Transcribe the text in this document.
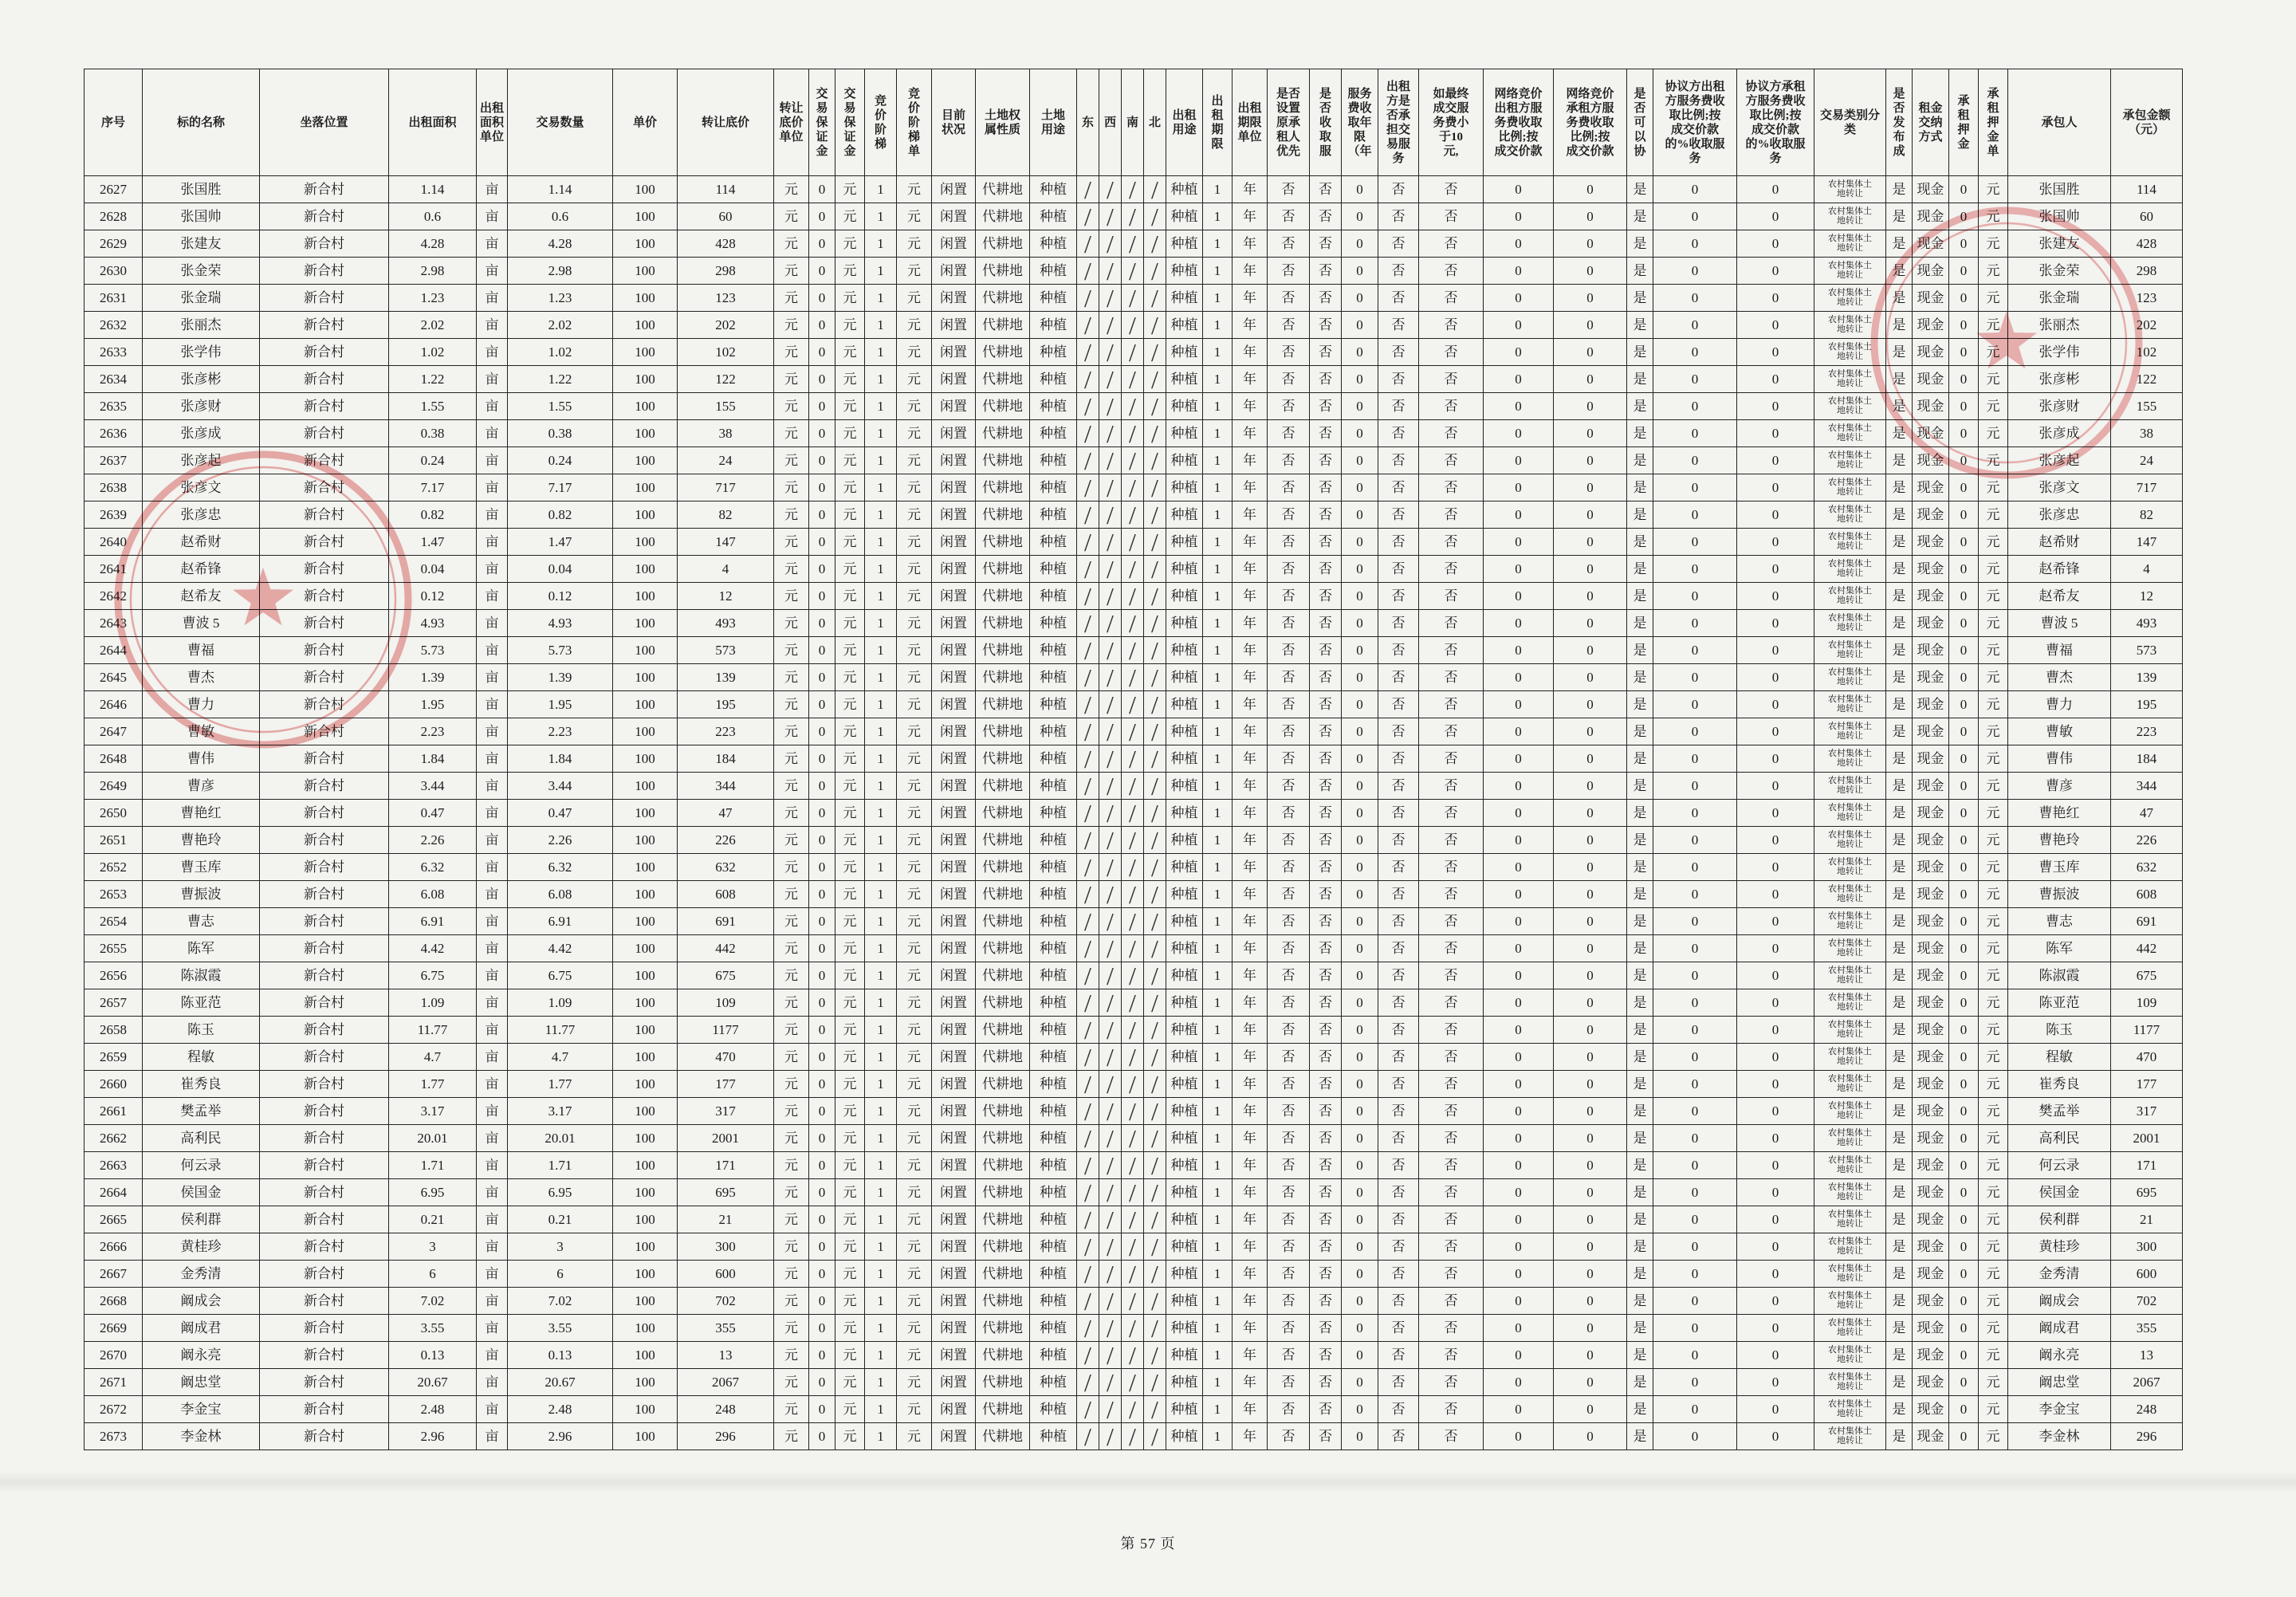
序号	标的名称	坐落位置	出租面积	出租面积单位	交易数量	单价	转让底价	转让底价单位	交易保证金	交易保证金	竞价阶梯	竞价阶梯单	目前状况	土地权属性质	土地用途	东	西	南	北	出租用途	出租期限	出租期限单位	是否设置原承租人优先	是否收取服	服务费收取年限（年	出租方是否承担交易服务	如最终成交服务费小于10元,	网络竞价出租方服务费收取比例;按成交价款	网络竞价承租方服务费收取比例;按成交价款	是否可以协	协议方出租方服务费收取比例;按成交价款的%收取服务	协议方承租方服务费收取比例;按成交价款的%收取服务	交易类别分类	是否发布成	租金交纳方式	承租押金	承租押金单	承包人	承包金额（元）
2627	张国胜	新合村	1.14	亩	1.14	100	114	元	0	元	1	元	闲置	代耕地	种植	/	/	/	/	种植	1	年	否	否	0	否	否	0	0	是	0	0	农村集体土地转让	是	现金	0	元	张国胜	114
2628	张国帅	新合村	0.6	亩	0.6	100	60	元	0	元	1	元	闲置	代耕地	种植	/	/	/	/	种植	1	年	否	否	0	否	否	0	0	是	0	0	农村集体土地转让	是	现金	0	元	张国帅	60
2629	张建友	新合村	4.28	亩	4.28	100	428	元	0	元	1	元	闲置	代耕地	种植	/	/	/	/	种植	1	年	否	否	0	否	否	0	0	是	0	0	农村集体土地转让	是	现金	0	元	张建友	428
2630	张金荣	新合村	2.98	亩	2.98	100	298	元	0	元	1	元	闲置	代耕地	种植	/	/	/	/	种植	1	年	否	否	0	否	否	0	0	是	0	0	农村集体土地转让	是	现金	0	元	张金荣	298
2631	张金瑞	新合村	1.23	亩	1.23	100	123	元	0	元	1	元	闲置	代耕地	种植	/	/	/	/	种植	1	年	否	否	0	否	否	0	0	是	0	0	农村集体土地转让	是	现金	0	元	张金瑞	123
2632	张丽杰	新合村	2.02	亩	2.02	100	202	元	0	元	1	元	闲置	代耕地	种植	/	/	/	/	种植	1	年	否	否	0	否	否	0	0	是	0	0	农村集体土地转让	是	现金	0	元	张丽杰	202
2633	张学伟	新合村	1.02	亩	1.02	100	102	元	0	元	1	元	闲置	代耕地	种植	/	/	/	/	种植	1	年	否	否	0	否	否	0	0	是	0	0	农村集体土地转让	是	现金	0	元	张学伟	102
2634	张彦彬	新合村	1.22	亩	1.22	100	122	元	0	元	1	元	闲置	代耕地	种植	/	/	/	/	种植	1	年	否	否	0	否	否	0	0	是	0	0	农村集体土地转让	是	现金	0	元	张彦彬	122
2635	张彦财	新合村	1.55	亩	1.55	100	155	元	0	元	1	元	闲置	代耕地	种植	/	/	/	/	种植	1	年	否	否	0	否	否	0	0	是	0	0	农村集体土地转让	是	现金	0	元	张彦财	155
2636	张彦成	新合村	0.38	亩	0.38	100	38	元	0	元	1	元	闲置	代耕地	种植	/	/	/	/	种植	1	年	否	否	0	否	否	0	0	是	0	0	农村集体土地转让	是	现金	0	元	张彦成	38
2637	张彦起	新合村	0.24	亩	0.24	100	24	元	0	元	1	元	闲置	代耕地	种植	/	/	/	/	种植	1	年	否	否	0	否	否	0	0	是	0	0	农村集体土地转让	是	现金	0	元	张彦起	24
2638	张彦文	新合村	7.17	亩	7.17	100	717	元	0	元	1	元	闲置	代耕地	种植	/	/	/	/	种植	1	年	否	否	0	否	否	0	0	是	0	0	农村集体土地转让	是	现金	0	元	张彦文	717
2639	张彦忠	新合村	0.82	亩	0.82	100	82	元	0	元	1	元	闲置	代耕地	种植	/	/	/	/	种植	1	年	否	否	0	否	否	0	0	是	0	0	农村集体土地转让	是	现金	0	元	张彦忠	82
2640	赵希财	新合村	1.47	亩	1.47	100	147	元	0	元	1	元	闲置	代耕地	种植	/	/	/	/	种植	1	年	否	否	0	否	否	0	0	是	0	0	农村集体土地转让	是	现金	0	元	赵希财	147
2641	赵希锋	新合村	0.04	亩	0.04	100	4	元	0	元	1	元	闲置	代耕地	种植	/	/	/	/	种植	1	年	否	否	0	否	否	0	0	是	0	0	农村集体土地转让	是	现金	0	元	赵希锋	4
2642	赵希友	新合村	0.12	亩	0.12	100	12	元	0	元	1	元	闲置	代耕地	种植	/	/	/	/	种植	1	年	否	否	0	否	否	0	0	是	0	0	农村集体土地转让	是	现金	0	元	赵希友	12
2643	曹波 5	新合村	4.93	亩	4.93	100	493	元	0	元	1	元	闲置	代耕地	种植	/	/	/	/	种植	1	年	否	否	0	否	否	0	0	是	0	0	农村集体土地转让	是	现金	0	元	曹波 5	493
2644	曹福	新合村	5.73	亩	5.73	100	573	元	0	元	1	元	闲置	代耕地	种植	/	/	/	/	种植	1	年	否	否	0	否	否	0	0	是	0	0	农村集体土地转让	是	现金	0	元	曹福	573
2645	曹杰	新合村	1.39	亩	1.39	100	139	元	0	元	1	元	闲置	代耕地	种植	/	/	/	/	种植	1	年	否	否	0	否	否	0	0	是	0	0	农村集体土地转让	是	现金	0	元	曹杰	139
2646	曹力	新合村	1.95	亩	1.95	100	195	元	0	元	1	元	闲置	代耕地	种植	/	/	/	/	种植	1	年	否	否	0	否	否	0	0	是	0	0	农村集体土地转让	是	现金	0	元	曹力	195
2647	曹敏	新合村	2.23	亩	2.23	100	223	元	0	元	1	元	闲置	代耕地	种植	/	/	/	/	种植	1	年	否	否	0	否	否	0	0	是	0	0	农村集体土地转让	是	现金	0	元	曹敏	223
2648	曹伟	新合村	1.84	亩	1.84	100	184	元	0	元	1	元	闲置	代耕地	种植	/	/	/	/	种植	1	年	否	否	0	否	否	0	0	是	0	0	农村集体土地转让	是	现金	0	元	曹伟	184
2649	曹彦	新合村	3.44	亩	3.44	100	344	元	0	元	1	元	闲置	代耕地	种植	/	/	/	/	种植	1	年	否	否	0	否	否	0	0	是	0	0	农村集体土地转让	是	现金	0	元	曹彦	344
2650	曹艳红	新合村	0.47	亩	0.47	100	47	元	0	元	1	元	闲置	代耕地	种植	/	/	/	/	种植	1	年	否	否	0	否	否	0	0	是	0	0	农村集体土地转让	是	现金	0	元	曹艳红	47
2651	曹艳玲	新合村	2.26	亩	2.26	100	226	元	0	元	1	元	闲置	代耕地	种植	/	/	/	/	种植	1	年	否	否	0	否	否	0	0	是	0	0	农村集体土地转让	是	现金	0	元	曹艳玲	226
2652	曹玉库	新合村	6.32	亩	6.32	100	632	元	0	元	1	元	闲置	代耕地	种植	/	/	/	/	种植	1	年	否	否	0	否	否	0	0	是	0	0	农村集体土地转让	是	现金	0	元	曹玉库	632
2653	曹振波	新合村	6.08	亩	6.08	100	608	元	0	元	1	元	闲置	代耕地	种植	/	/	/	/	种植	1	年	否	否	0	否	否	0	0	是	0	0	农村集体土地转让	是	现金	0	元	曹振波	608
2654	曹志	新合村	6.91	亩	6.91	100	691	元	0	元	1	元	闲置	代耕地	种植	/	/	/	/	种植	1	年	否	否	0	否	否	0	0	是	0	0	农村集体土地转让	是	现金	0	元	曹志	691
2655	陈军	新合村	4.42	亩	4.42	100	442	元	0	元	1	元	闲置	代耕地	种植	/	/	/	/	种植	1	年	否	否	0	否	否	0	0	是	0	0	农村集体土地转让	是	现金	0	元	陈军	442
2656	陈淑霞	新合村	6.75	亩	6.75	100	675	元	0	元	1	元	闲置	代耕地	种植	/	/	/	/	种植	1	年	否	否	0	否	否	0	0	是	0	0	农村集体土地转让	是	现金	0	元	陈淑霞	675
2657	陈亚范	新合村	1.09	亩	1.09	100	109	元	0	元	1	元	闲置	代耕地	种植	/	/	/	/	种植	1	年	否	否	0	否	否	0	0	是	0	0	农村集体土地转让	是	现金	0	元	陈亚范	109
2658	陈玉	新合村	11.77	亩	11.77	100	1177	元	0	元	1	元	闲置	代耕地	种植	/	/	/	/	种植	1	年	否	否	0	否	否	0	0	是	0	0	农村集体土地转让	是	现金	0	元	陈玉	1177
2659	程敏	新合村	4.7	亩	4.7	100	470	元	0	元	1	元	闲置	代耕地	种植	/	/	/	/	种植	1	年	否	否	0	否	否	0	0	是	0	0	农村集体土地转让	是	现金	0	元	程敏	470
2660	崔秀良	新合村	1.77	亩	1.77	100	177	元	0	元	1	元	闲置	代耕地	种植	/	/	/	/	种植	1	年	否	否	0	否	否	0	0	是	0	0	农村集体土地转让	是	现金	0	元	崔秀良	177
2661	樊孟举	新合村	3.17	亩	3.17	100	317	元	0	元	1	元	闲置	代耕地	种植	/	/	/	/	种植	1	年	否	否	0	否	否	0	0	是	0	0	农村集体土地转让	是	现金	0	元	樊孟举	317
2662	高利民	新合村	20.01	亩	20.01	100	2001	元	0	元	1	元	闲置	代耕地	种植	/	/	/	/	种植	1	年	否	否	0	否	否	0	0	是	0	0	农村集体土地转让	是	现金	0	元	高利民	2001
2663	何云录	新合村	1.71	亩	1.71	100	171	元	0	元	1	元	闲置	代耕地	种植	/	/	/	/	种植	1	年	否	否	0	否	否	0	0	是	0	0	农村集体土地转让	是	现金	0	元	何云录	171
2664	侯国金	新合村	6.95	亩	6.95	100	695	元	0	元	1	元	闲置	代耕地	种植	/	/	/	/	种植	1	年	否	否	0	否	否	0	0	是	0	0	农村集体土地转让	是	现金	0	元	侯国金	695
2665	侯利群	新合村	0.21	亩	0.21	100	21	元	0	元	1	元	闲置	代耕地	种植	/	/	/	/	种植	1	年	否	否	0	否	否	0	0	是	0	0	农村集体土地转让	是	现金	0	元	侯利群	21
2666	黄桂珍	新合村	3	亩	3	100	300	元	0	元	1	元	闲置	代耕地	种植	/	/	/	/	种植	1	年	否	否	0	否	否	0	0	是	0	0	农村集体土地转让	是	现金	0	元	黄桂珍	300
2667	金秀清	新合村	6	亩	6	100	600	元	0	元	1	元	闲置	代耕地	种植	/	/	/	/	种植	1	年	否	否	0	否	否	0	0	是	0	0	农村集体土地转让	是	现金	0	元	金秀清	600
2668	阚成会	新合村	7.02	亩	7.02	100	702	元	0	元	1	元	闲置	代耕地	种植	/	/	/	/	种植	1	年	否	否	0	否	否	0	0	是	0	0	农村集体土地转让	是	现金	0	元	阚成会	702
2669	阚成君	新合村	3.55	亩	3.55	100	355	元	0	元	1	元	闲置	代耕地	种植	/	/	/	/	种植	1	年	否	否	0	否	否	0	0	是	0	0	农村集体土地转让	是	现金	0	元	阚成君	355
2670	阚永亮	新合村	0.13	亩	0.13	100	13	元	0	元	1	元	闲置	代耕地	种植	/	/	/	/	种植	1	年	否	否	0	否	否	0	0	是	0	0	农村集体土地转让	是	现金	0	元	阚永亮	13
2671	阚忠堂	新合村	20.67	亩	20.67	100	2067	元	0	元	1	元	闲置	代耕地	种植	/	/	/	/	种植	1	年	否	否	0	否	否	0	0	是	0	0	农村集体土地转让	是	现金	0	元	阚忠堂	2067
2672	李金宝	新合村	2.48	亩	2.48	100	248	元	0	元	1	元	闲置	代耕地	种植	/	/	/	/	种植	1	年	否	否	0	否	否	0	0	是	0	0	农村集体土地转让	是	现金	0	元	李金宝	248
2673	李金林	新合村	2.96	亩	2.96	100	296	元	0	元	1	元	闲置	代耕地	种植	/	/	/	/	种植	1	年	否	否	0	否	否	0	0	是	0	0	农村集体土地转让	是	现金	0	元	李金林	296
第 57 页
